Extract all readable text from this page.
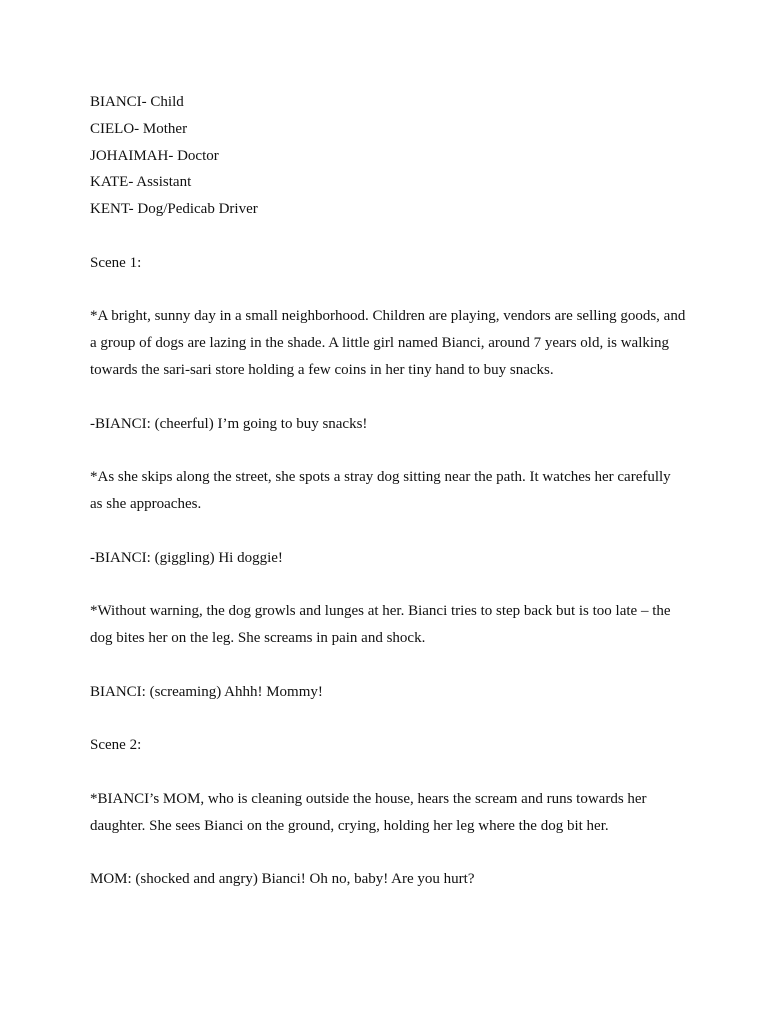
BIANCI- Child

CIELO- Mother

JOHAIMAH- Doctor

KATE- Assistant

KENT- Dog/Pedicab Driver

Scene 1:

*A bright, sunny day in a small neighborhood. Children are playing, vendors are selling goods, and a group of dogs are lazing in the shade. A little girl named Bianci, around 7 years old, is walking towards the sari-sari store holding a few coins in her tiny hand to buy snacks.

-BIANCI: (cheerful) I’m going to buy snacks!

*As she skips along the street, she spots a stray dog sitting near the path. It watches her carefully as she approaches.

-BIANCI: (giggling) Hi doggie!

*Without warning, the dog growls and lunges at her. Bianci tries to step back but is too late – the dog bites her on the leg. She screams in pain and shock.

BIANCI: (screaming) Ahhh! Mommy!

Scene 2:

*BIANCI’s MOM, who is cleaning outside the house, hears the scream and runs towards her daughter. She sees Bianci on the ground, crying, holding her leg where the dog bit her.

MOM: (shocked and angry) Bianci! Oh no, baby! Are you hurt?
